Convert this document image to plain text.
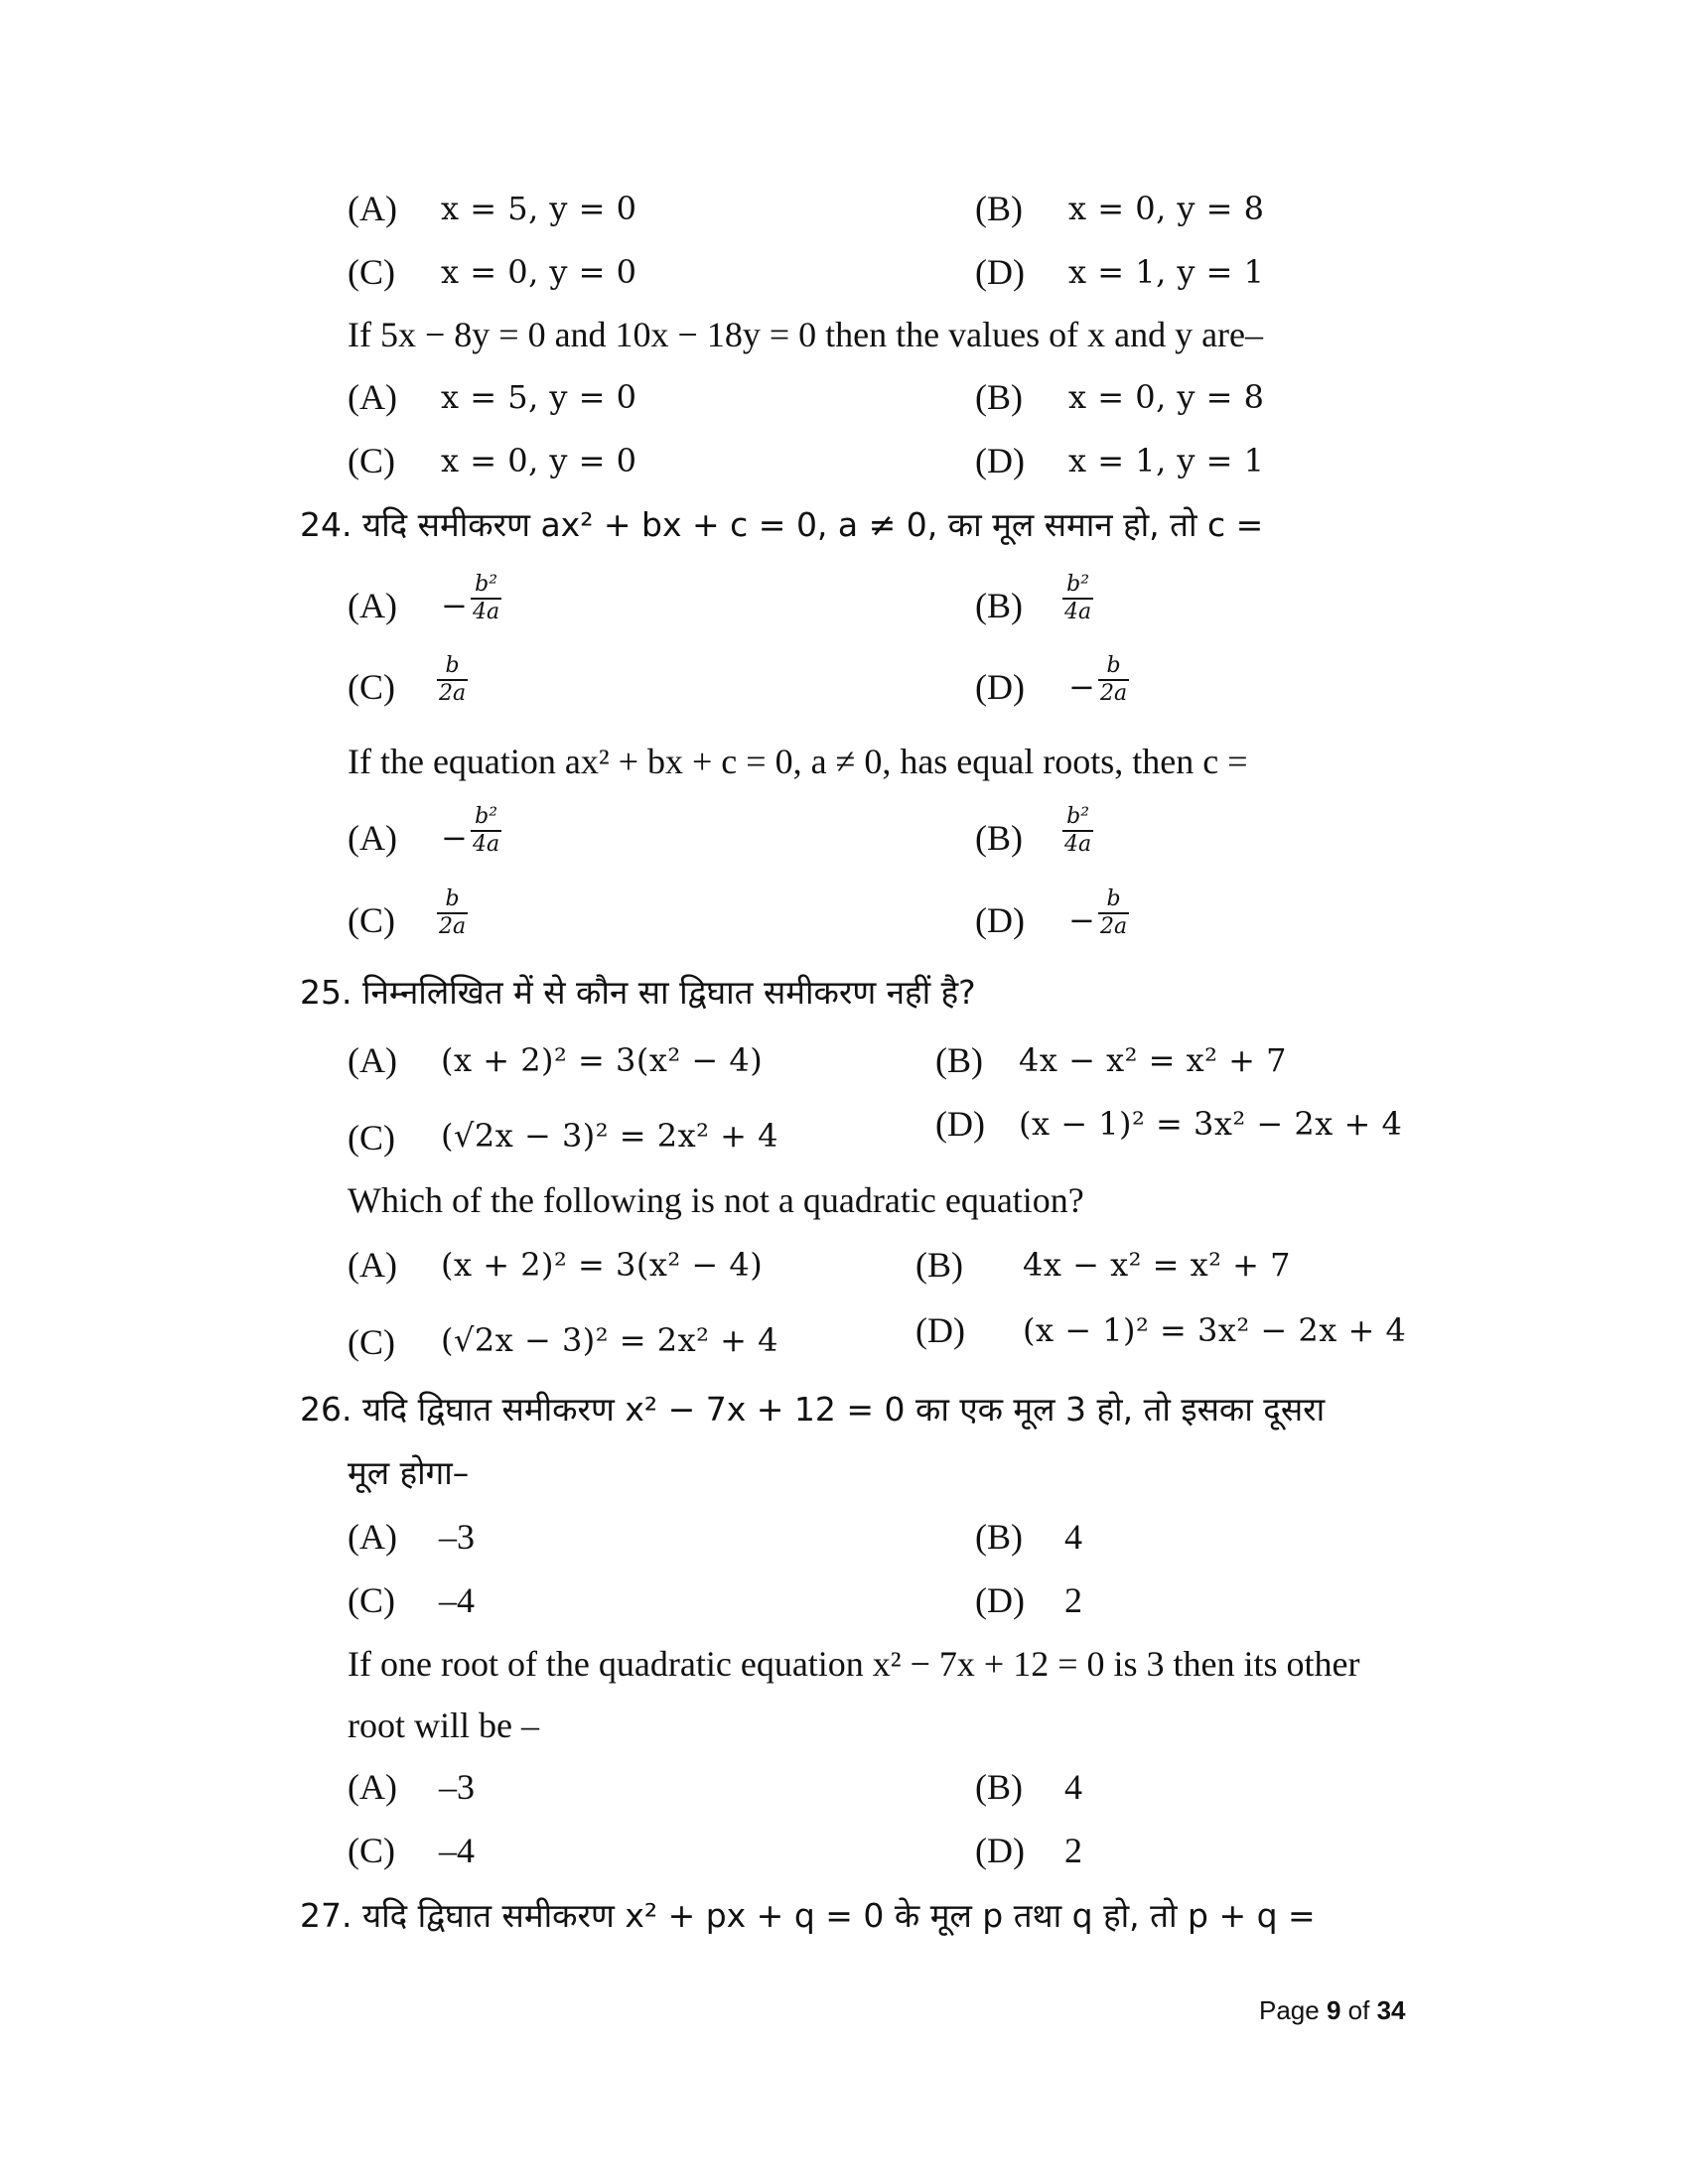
(A) x = 5, y = 0	(B) x = 0, y = 8
(C) x = 0, y = 0	(D) x = 1, y = 1
If 5x − 8y = 0 and 10x − 18y = 0 then the values of x and y are–
(A) x = 5, y = 0	(B) x = 0, y = 8
(C) x = 0, y = 0	(D) x = 1, y = 1
24. यदि समीकरण ax² + bx + c = 0, a ≠ 0, का मूल समान हो, तो c =
$(A) - \frac{\text{b²}}{4a}$	$(B) \frac{\text{b²}}{4a}$
$(C) \frac{b}{2a}$	$(D) - \frac{b}{2a}$
If the equation ax² + bx + c = 0, a ≠ 0, has equal roots, then c =
$(A) - \frac{\text{b²}}{4a}$	$(B) \frac{\text{b²}}{4a}$
$(C) \frac{b}{2a}$	$(D) - \frac{b}{2a}$
25. निम्नलिखित में से कौन सा द्विघात समीकरण नहीं है?
(A) (x + 2)² = 3(x² − 4)	(B) 4x − x² = x² + 7
(C) (√2x − 3)² = 2x² + 4	(D) (x − 1)² = 3x² − 2x + 4
Which of the following is not a quadratic equation?
(A) (x + 2)² = 3(x² − 4)	(B) 4x − x² = x² + 7
(C) (√2x − 3)² = 2x² + 4	(D) (x − 1)² = 3x² − 2x + 4
26. यदि द्विघात समीकरण x² − 7x + 12 = 0 का एक मूल 3 हो, तो इसका दूसरा
मूल होगा–
(A) –3	(B) 4
(C) –4	(D) 2
If one root of the quadratic equation x² − 7x + 12 = 0 is 3 then its other
root will be –
(A) –3	(B) 4
(C) –4	(D) 2
27. यदि द्विघात समीकरण x² + px + q = 0 के मूल p तथा q हो, तो p + q =
Page 9 of 34
